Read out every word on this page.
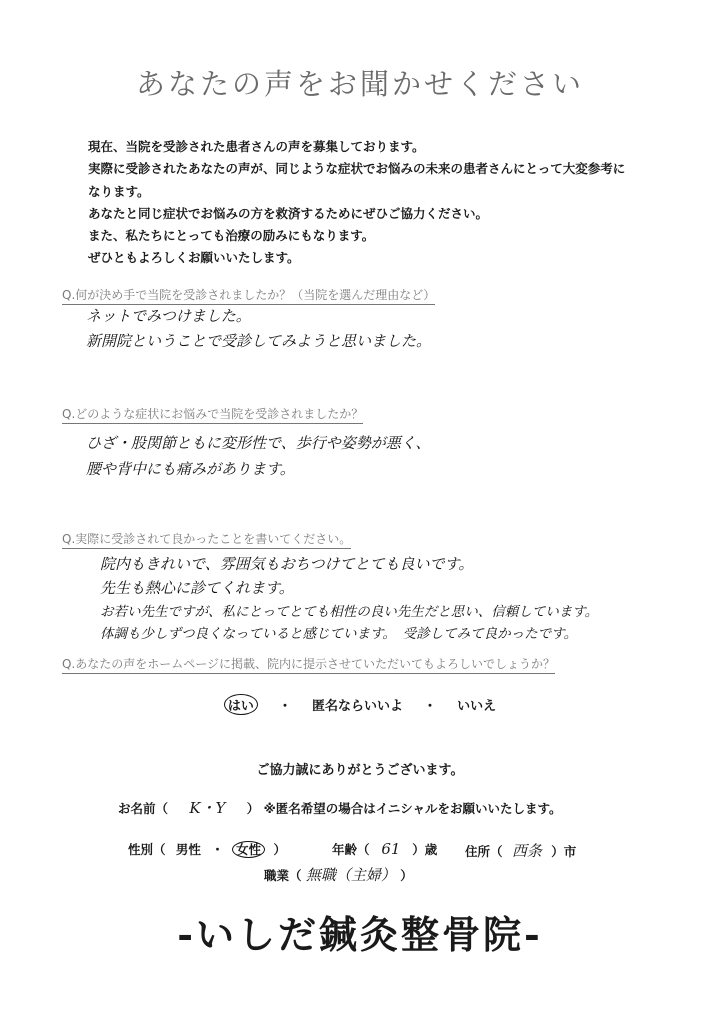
あなたの声をお聞かせください
現在、当院を受診された患者さんの声を募集しております。
実際に受診されたあなたの声が、同じような症状でお悩みの未来の患者さんにとって大変参考に
なります。
あなたと同じ症状でお悩みの方を救済するためにぜひご協力ください。
また、私たちにとっても治療の励みにもなります。
ぜひともよろしくお願いいたします。
Q.何が決め手で当院を受診されましたか？（当院を選んだ理由など）
ネットでみつけました。
新開院ということで受診してみようと思いました。
Q.どのような症状にお悩みで当院を受診されましたか？
ひざ・股関節ともに変形性で、歩行や姿勢が悪く、
腰や背中にも痛みがあります。
Q.実際に受診されて良かったことを書いてください。
院内もきれいで、雰囲気もおちつけてとても良いです。
先生も熱心に診てくれます。
お若い先生ですが、私にとってとても相性の良い先生だと思い、信頼しています。
体調も少しずつ良くなっていると感じています。　受診してみて良かったです。
Q.あなたの声をホームページに掲載、院内に提示させていただいてもよろしいでしょうか？
はい ・ 匿名ならいいよ ・ いいえ
ご協力誠にありがとうございます。
お名前（ K・Y ） ※匿名希望の場合はイニシャルをお願いいたします。
性別（ 男性 ・ 女性 ）	年齢（ 61 ）歳 住所（ 西条 ）市
職業（ 無職（主婦） ）
-いしだ鍼灸整骨院-
